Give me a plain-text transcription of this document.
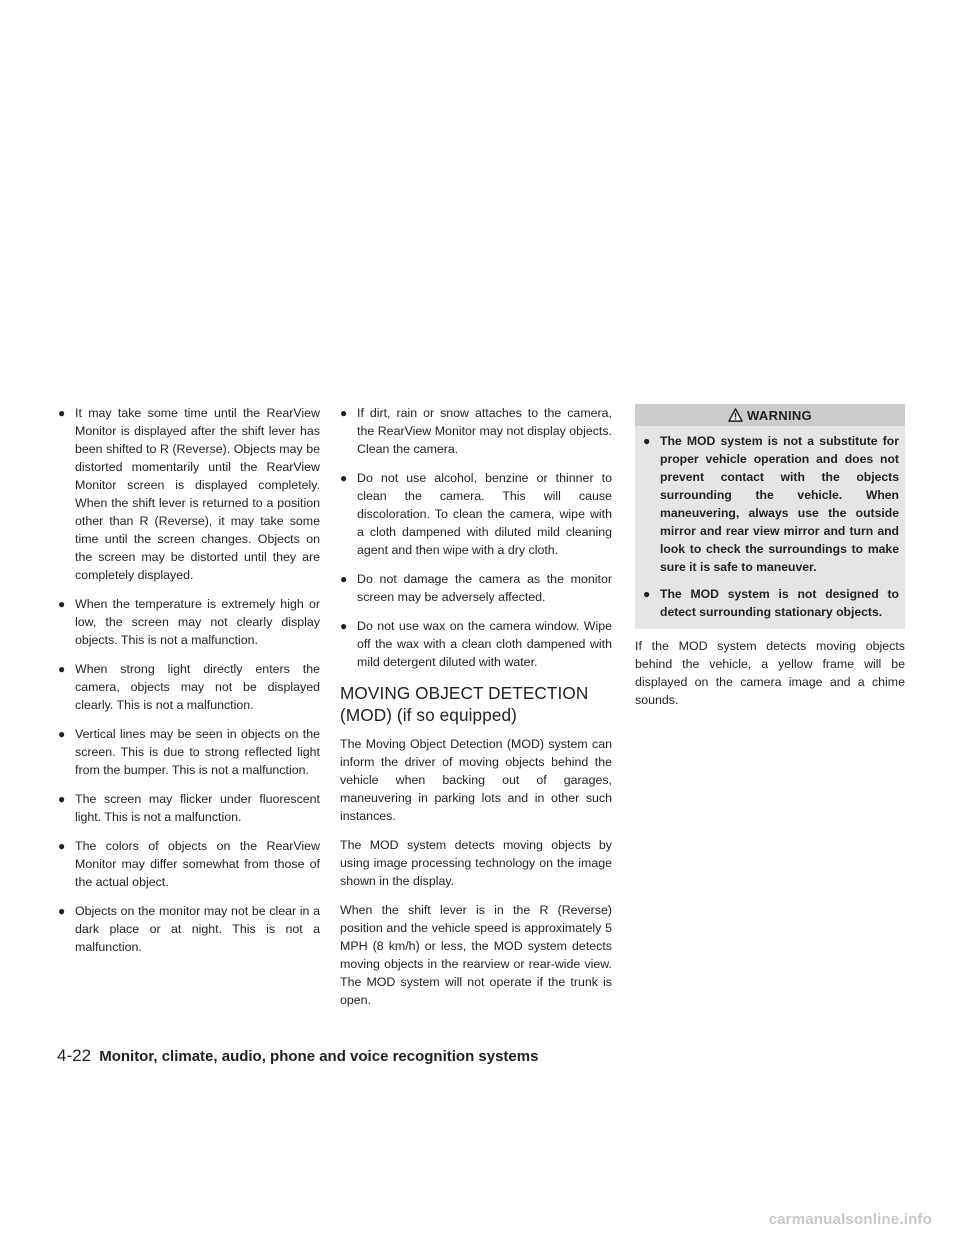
● It may take some time until the RearView Monitor is displayed after the shift lever has been shifted to R (Reverse). Objects may be distorted momentarily until the RearView Monitor screen is displayed completely. When the shift lever is returned to a position other than R (Reverse), it may take some time until the screen changes. Objects on the screen may be distorted until they are completely displayed.
● When the temperature is extremely high or low, the screen may not clearly display objects. This is not a malfunction.
● When strong light directly enters the camera, objects may not be displayed clearly. This is not a malfunction.
● Vertical lines may be seen in objects on the screen. This is due to strong reflected light from the bumper. This is not a malfunction.
● The screen may flicker under fluorescent light. This is not a malfunction.
● The colors of objects on the RearView Monitor may differ somewhat from those of the actual object.
● Objects on the monitor may not be clear in a dark place or at night. This is not a malfunction.
● If dirt, rain or snow attaches to the camera, the RearView Monitor may not display objects. Clean the camera.
● Do not use alcohol, benzine or thinner to clean the camera. This will cause discoloration. To clean the camera, wipe with a cloth dampened with diluted mild cleaning agent and then wipe with a dry cloth.
● Do not damage the camera as the monitor screen may be adversely affected.
● Do not use wax on the camera window. Wipe off the wax with a clean cloth dampened with mild detergent diluted with water.
MOVING OBJECT DETECTION
(MOD) (if so equipped)

The Moving Object Detection (MOD) system can inform the driver of moving objects behind the vehicle when backing out of garages, maneuvering in parking lots and in other such instances.

The MOD system detects moving objects by using image processing technology on the image shown in the display.

When the shift lever is in the R (Reverse) position and the vehicle speed is approximately 5 MPH (8 km/h) or less, the MOD system detects moving objects in the rearview or rear-wide view. The MOD system will not operate if the trunk is open.

WARNING
● The MOD system is not a substitute for proper vehicle operation and does not prevent contact with the objects surrounding the vehicle. When maneuvering, always use the outside mirror and rear view mirror and turn and look to check the surroundings to make sure it is safe to maneuver.
● The MOD system is not designed to detect surrounding stationary objects.

If the MOD system detects moving objects behind the vehicle, a yellow frame will be displayed on the camera image and a chime sounds.

4-22 Monitor, climate, audio, phone and voice recognition systems
carmanualsonline.info
